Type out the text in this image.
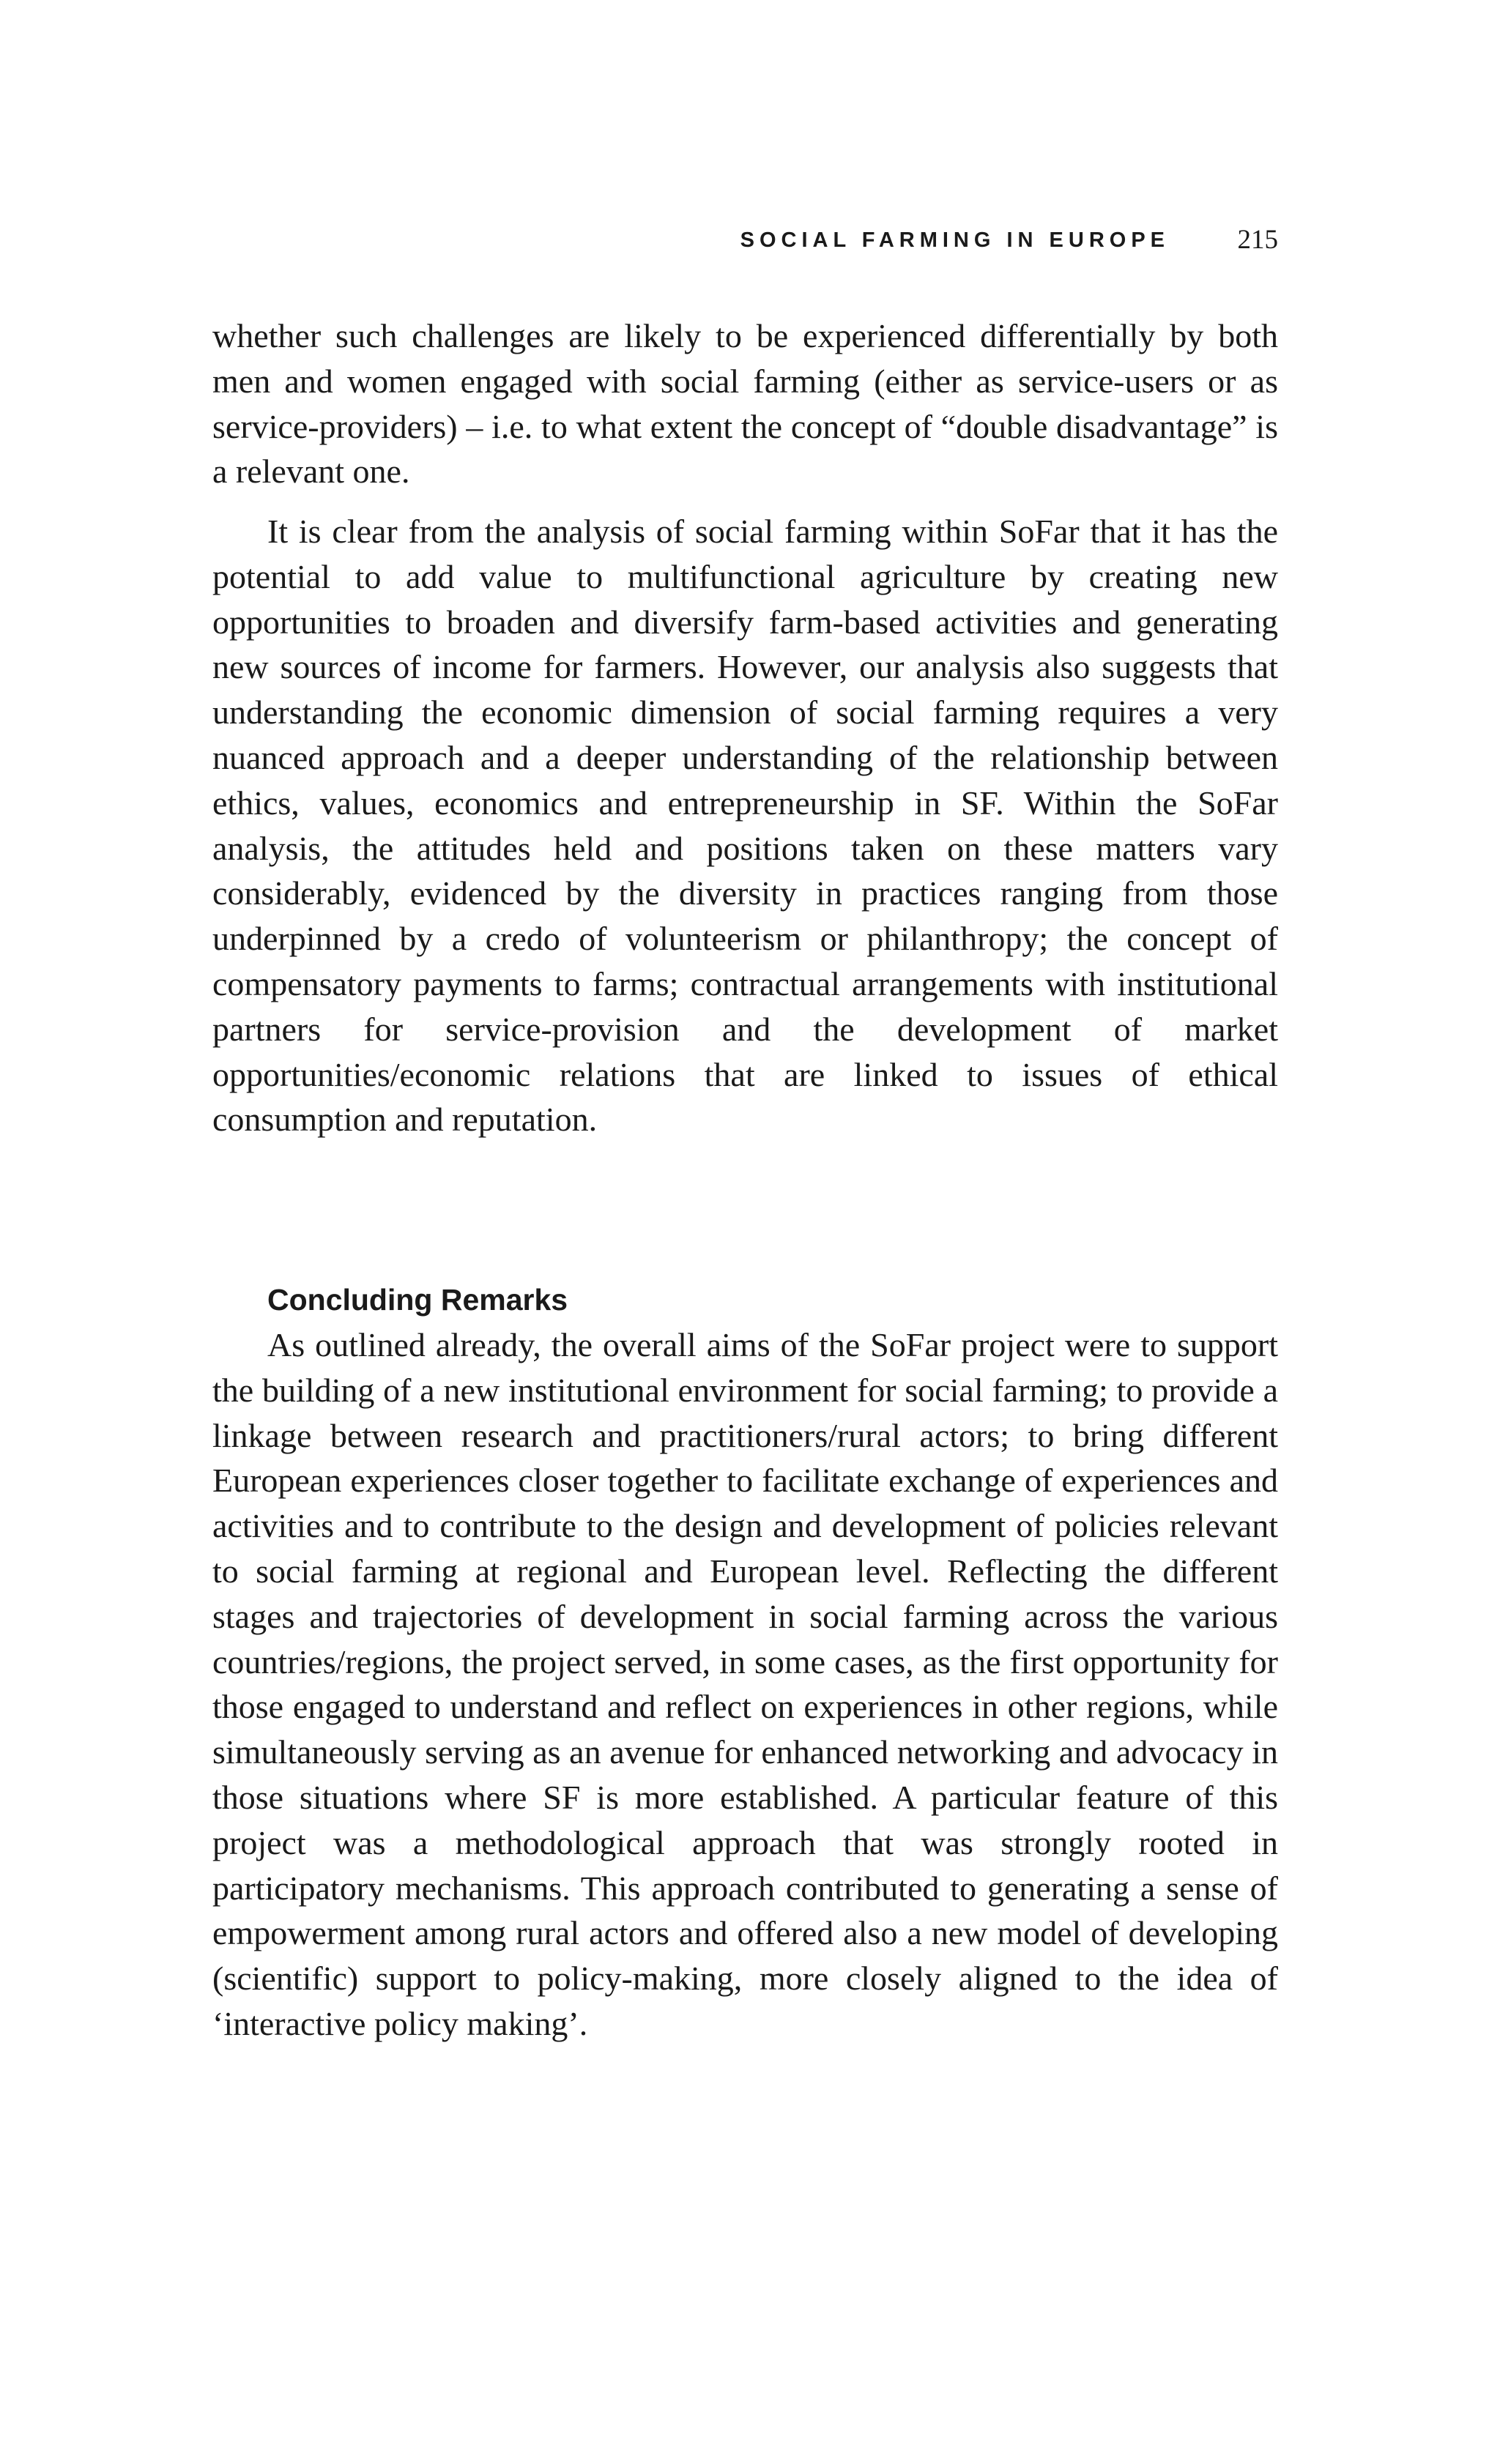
SOCIAL FARMING IN EUROPE	215

whether such challenges are likely to be experienced differentially by both men and women engaged with social farming (either as service-users or as service-providers) – i.e. to what extent the concept of “double disadvantage” is a relevant one.

It is clear from the analysis of social farming within SoFar that it has the potential to add value to multifunctional agriculture by creating new opportunities to broaden and diversify farm-based activities and generating new sources of income for farmers. However, our analysis also suggests that understanding the economic dimension of social farming requires a very nuanced approach and a deeper understanding of the relationship between ethics, values, economics and entrepreneurship in SF. Within the SoFar analysis, the attitudes held and positions taken on these matters vary considerably, evidenced by the diversity in practices ranging from those underpinned by a credo of volunteerism or philanthropy; the concept of compensatory payments to farms; contractual arrangements with institutional partners for service-provision and the development of market opportunities/economic relations that are linked to issues of ethical consumption and reputation.

Concluding Remarks

As outlined already, the overall aims of the SoFar project were to support the building of a new institutional environment for social farming; to provide a linkage between research and practitioners/rural actors; to bring different European experiences closer together to facilitate exchange of experiences and activities and to contribute to the design and development of policies relevant to social farming at regional and European level. Reflecting the different stages and trajectories of development in social farming across the various countries/regions, the project served, in some cases, as the first opportunity for those engaged to understand and reflect on experiences in other regions, while simultaneously serving as an avenue for enhanced networking and advocacy in those situations where SF is more established. A particular feature of this project was a methodological approach that was strongly rooted in participatory mechanisms. This approach contributed to generating a sense of empowerment among rural actors and offered also a new model of developing (scientific) support to policy-making, more closely aligned to the idea of ‘interactive policy making’.
